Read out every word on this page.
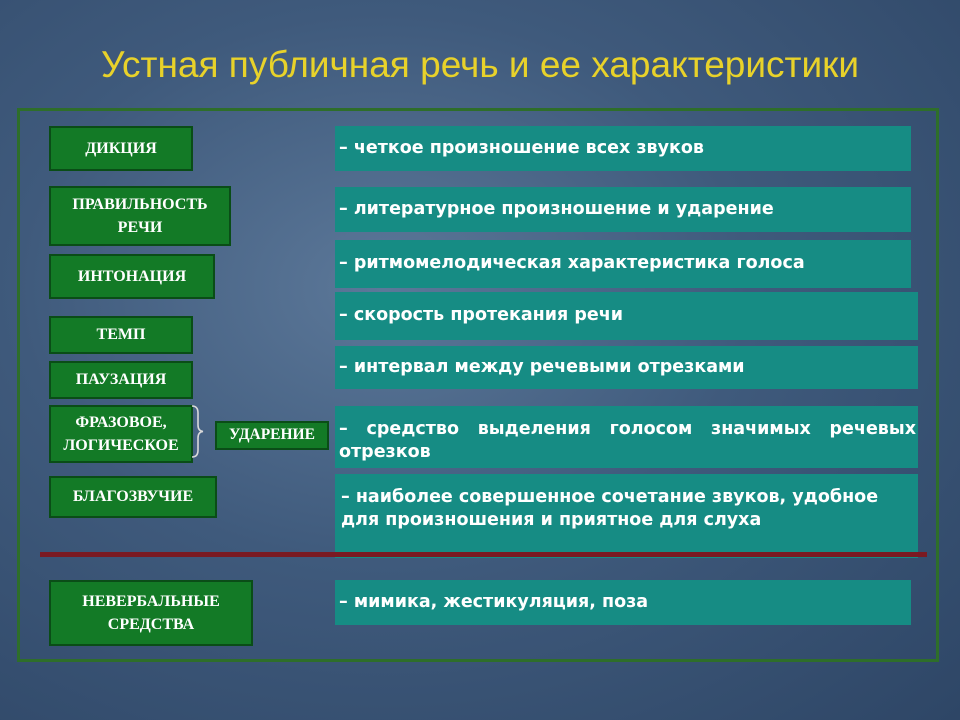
Устная публичная речь и ее характеристики
ДИКЦИЯ
ПРАВИЛЬНОСТЬ РЕЧИ
ИНТОНАЦИЯ
ТЕМП
ПАУЗАЦИЯ
ФРАЗОВОЕ, ЛОГИЧЕСКОЕ
БЛАГОЗВУЧИЕ
НЕВЕРБАЛЬНЫЕ СРЕДСТВА
УДАРЕНИЕ
– четкое произношение всех звуков
– литературное произношение и ударение
– ритмомелодическая характеристика голоса
– скорость протекания речи
– интервал между речевыми отрезками
– средство выделения голосом значимых речевых отрезков
– наиболее совершенное сочетание звуков, удобное для произношения и приятное для слуха
– мимика, жестикуляция, поза
